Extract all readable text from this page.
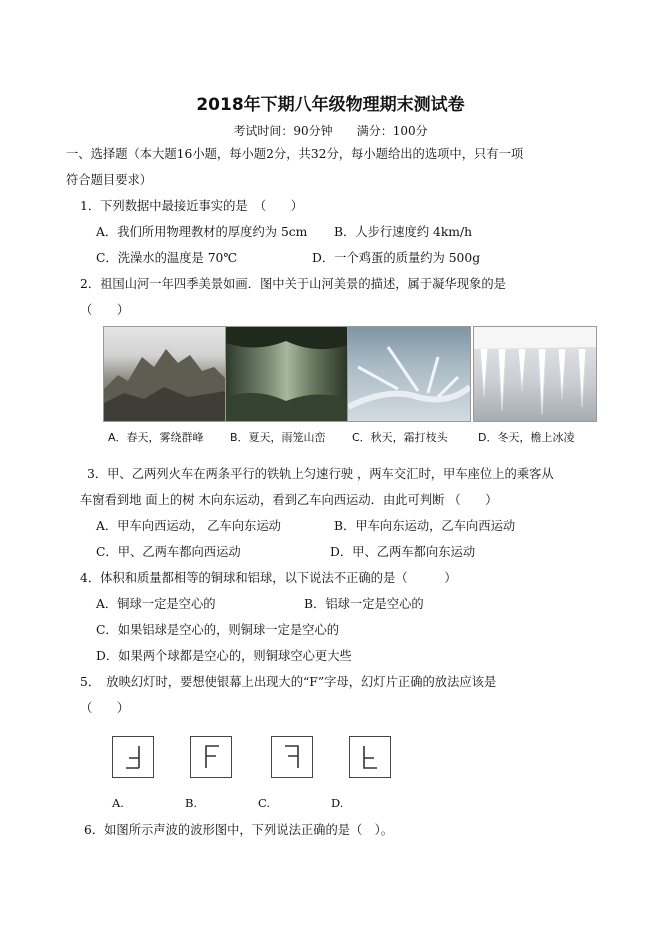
2018年下期八年级物理期末测试卷
考试时间：90分钟 满分：100分
一、选择题（本大题16小题，每小题2分，共32分，每小题给出的选项中，只有一项
符合题目要求）
1．下列数据中最接近事实的是　（　　）
A．我们所用物理教材的厚度约为 5cm B．人步行速度约 4km/h
C．洗澡水的温度是 70℃	D．一个鸡蛋的质量约为 500g
2．祖国山河一年四季美景如画．图中关于山河美景的描述，属于凝华现象的是
（　　）
A．春天，雾绕群峰 B．夏天，雨笼山峦 C．秋天，霜打枝头	D．冬天，檐上冰凌
3．甲、乙两列火车在两条平行的铁轨上匀速行驶 ，两车交汇时，甲车座位上的乘客从
车窗看到地 面上的树 木向东运动，看到乙车向西运动．由此可判断 （　　）
A．甲车向西运动， 乙车向东运动	B．甲车向东运动，乙车向西运动
C．甲、乙两车都向西运动	D．甲、乙两车都向东运动
4．体积和质量都相等的铜球和铝球，以下说法不正确的是（　　　）
A．铜球一定是空心的	B．铝球一定是空心的
C．如果铝球是空心的，则铜球一定是空心的
D．如果两个球都是空心的，则铜球空心更大些
5．　放映幻灯时，要想使银幕上出现大的“F”字母，幻灯片正确的放法应该是
（　　）
A.	B.	C.	D.
6．如图所示声波的波形图中，下列说法正确的是（　）。
